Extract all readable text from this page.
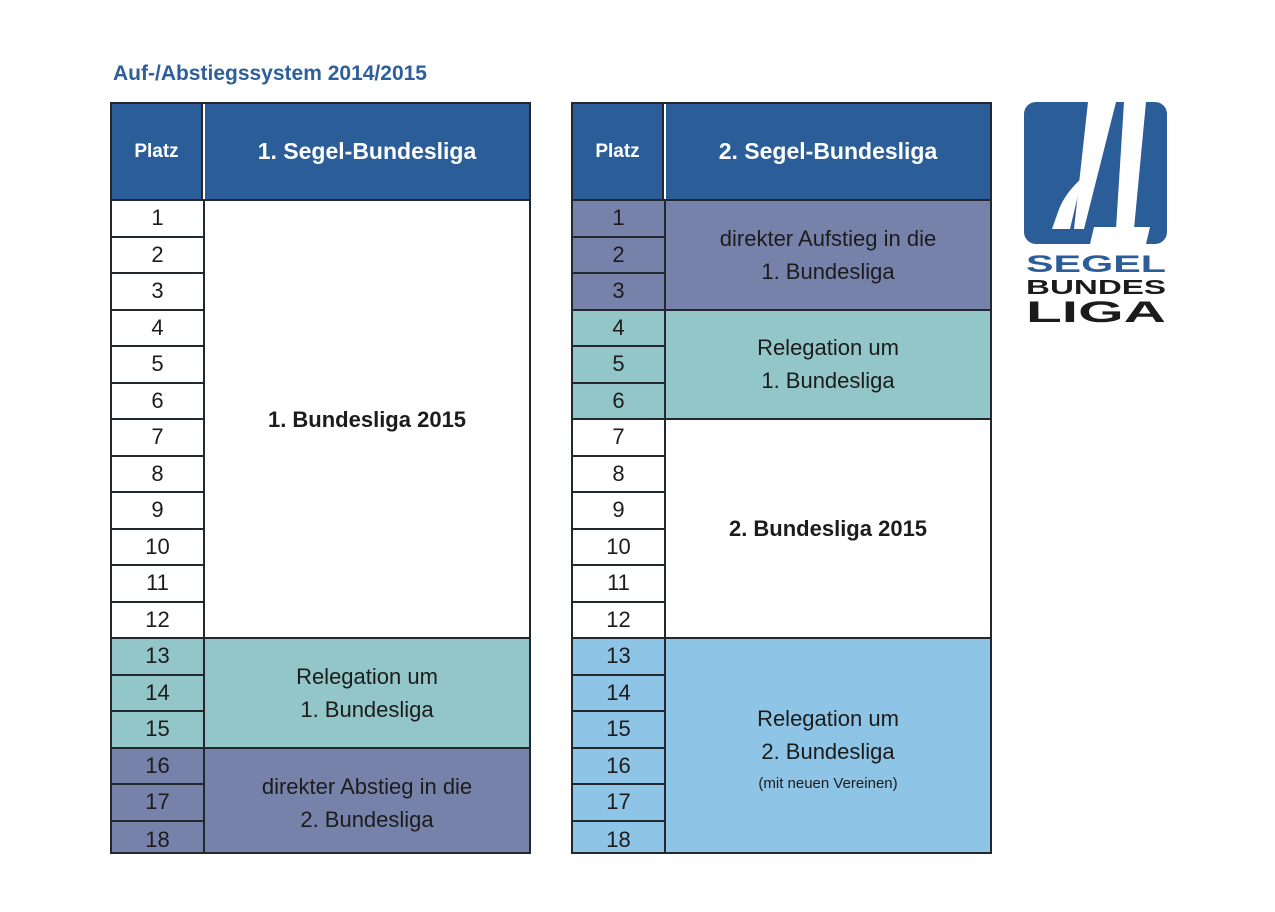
Auf-/Abstiegssystem 2014/2015
Platz	1. Segel-Bundesliga
1
2
3
4
5
6
7
8
9
10
11
12
13
14
15
16
17
18
1. Bundesliga 2015
Relegation um
1. Bundesliga
direkter Abstieg in die
2. Bundesliga
Platz	2. Segel-Bundesliga
1
2
3
4
5
6
7
8
9
10
11
12
13
14
15
16
17
18
direkter Aufstieg in die
1. Bundesliga
Relegation um
1. Bundesliga
2. Bundesliga 2015
Relegation um
2. Bundesliga
(mit neuen Vereinen)
SEGEL
BUNDES
LIGA
